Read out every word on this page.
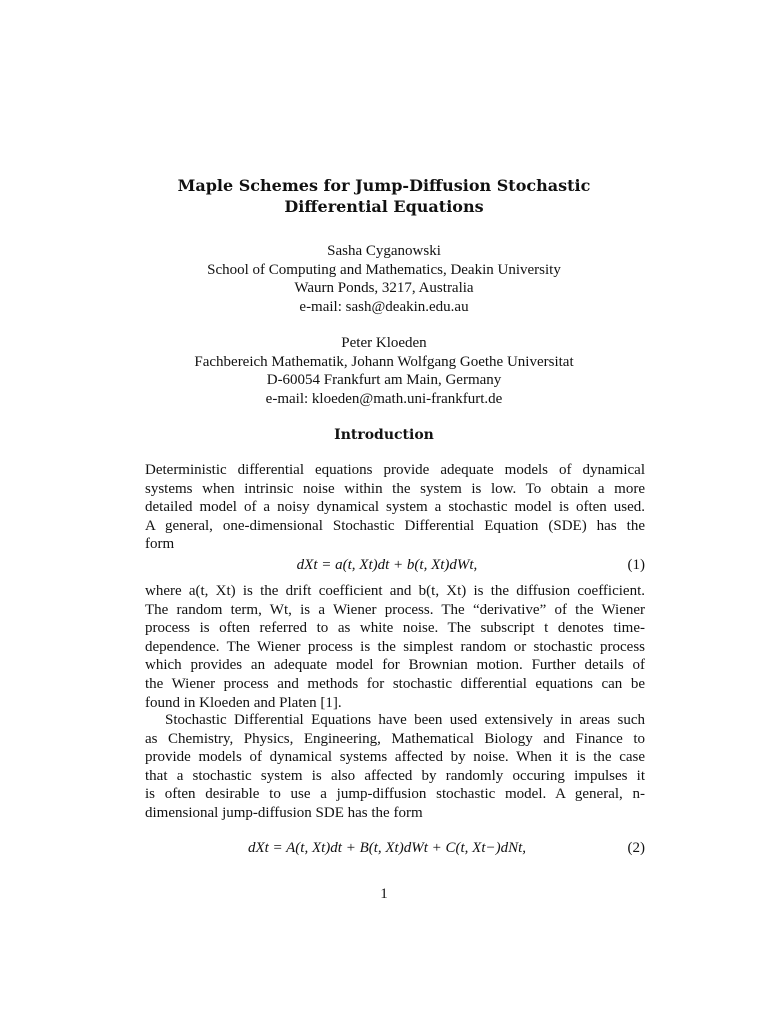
Maple Schemes for Jump-Diffusion Stochastic
Differential Equations
Sasha Cyganowski
School of Computing and Mathematics, Deakin University
Waurn Ponds, 3217, Australia
e-mail: sash@deakin.edu.au
Peter Kloeden
Fachbereich Mathematik, Johann Wolfgang Goethe Universitat
D-60054 Frankfurt am Main, Germany
e-mail: kloeden@math.uni-frankfurt.de
Introduction
Deterministic differential equations provide adequate models of dynamical
systems when intrinsic noise within the system is low. To obtain a more
detailed model of a noisy dynamical system a stochastic model is often used.
A general, one-dimensional Stochastic Differential Equation (SDE) has the
form
dXt = a(t, Xt)dt + b(t, Xt)dWt,	(1)
where a(t, Xt) is the drift coefficient and b(t, Xt) is the diffusion coefficient.
The random term, Wt, is a Wiener process. The “derivative” of the Wiener
process is often referred to as white noise. The subscript t denotes time-
dependence. The Wiener process is the simplest random or stochastic process
which provides an adequate model for Brownian motion. Further details of
the Wiener process and methods for stochastic differential equations can be
found in Kloeden and Platen [1].
Stochastic Differential Equations have been used extensively in areas such
as Chemistry, Physics, Engineering, Mathematical Biology and Finance to
provide models of dynamical systems affected by noise. When it is the case
that a stochastic system is also affected by randomly occuring impulses it
is often desirable to use a jump-diffusion stochastic model. A general, n-
dimensional jump-diffusion SDE has the form
dXt = A(t, Xt)dt + B(t, Xt)dWt + C(t, Xt−)dNt,	(2)
1
